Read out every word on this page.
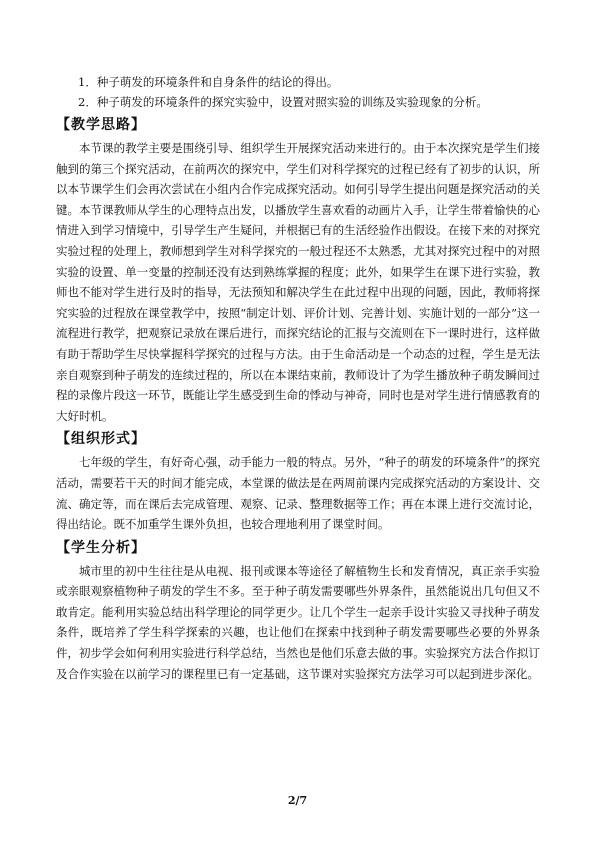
1．种子萌发的环境条件和自身条件的结论的得出。

2．种子萌发的环境条件的探究实验中，设置对照实验的训练及实验现象的分析。

【教学思路】

本节课的教学主要是围绕引导、组织学生开展探究活动来进行的。由于本次探究是学生们接触到的第三个探究活动，在前两次的探究中，学生们对科学探究的过程已经有了初步的认识，所以本节课学生们会再次尝试在小组内合作完成探究活动。如何引导学生提出问题是探究活动的关键。本节课教师从学生的心理特点出发，以播放学生喜欢看的动画片入手，让学生带着愉快的心情进入到学习情境中，引导学生产生疑问，并根据已有的生活经验作出假设。在接下来的对探究实验过程的处理上，教师想到学生对科学探究的一般过程还不太熟悉，尤其对探究过程中的对照实验的设置、单一变量的控制还没有达到熟练掌握的程度；此外，如果学生在课下进行实验，教师也不能对学生进行及时的指导，无法预知和解决学生在此过程中出现的问题，因此，教师将探究实验的过程放在课堂教学中，按照“制定计划、评价计划、完善计划、实施计划的一部分”这一流程进行教学，把观察记录放在课后进行，而探究结论的汇报与交流则在下一课时进行，这样做有助于帮助学生尽快掌握科学探究的过程与方法。由于生命活动是一个动态的过程，学生是无法亲自观察到种子萌发的连续过程的，所以在本课结束前，教师设计了为学生播放种子萌发瞬间过程的录像片段这一环节，既能让学生感受到生命的悸动与神奇，同时也是对学生进行情感教育的大好时机。

【组织形式】

七年级的学生，有好奇心强，动手能力一般的特点。另外，“种子的萌发的环境条件”的探究活动，需要若干天的时间才能完成，本堂课的做法是在两周前课内完成探究活动的方案设计、交流、确定等，而在课后去完成管理、观察、记录、整理数据等工作；再在本课上进行交流讨论，得出结论。既不加重学生课外负担，也较合理地利用了课堂时间。

【学生分析】

城市里的初中生往往是从电视、报刊或课本等途径了解植物生长和发育情况，真正亲手实验或亲眼观察植物种子萌发的学生不多。至于种子萌发需要哪些外界条件，虽然能说出几句但又不敢肯定。能利用实验总结出科学理论的同学更少。让几个学生一起亲手设计实验又寻找种子萌发条件，既培养了学生科学探索的兴趣，也让他们在探索中找到种子萌发需要哪些必要的外界条件，初步学会如何利用实验进行科学总结，当然也是他们乐意去做的事。实验探究方法合作拟订及合作实验在以前学习的课程里已有一定基础，这节课对实验探究方法学习可以起到进步深化。

2/7
